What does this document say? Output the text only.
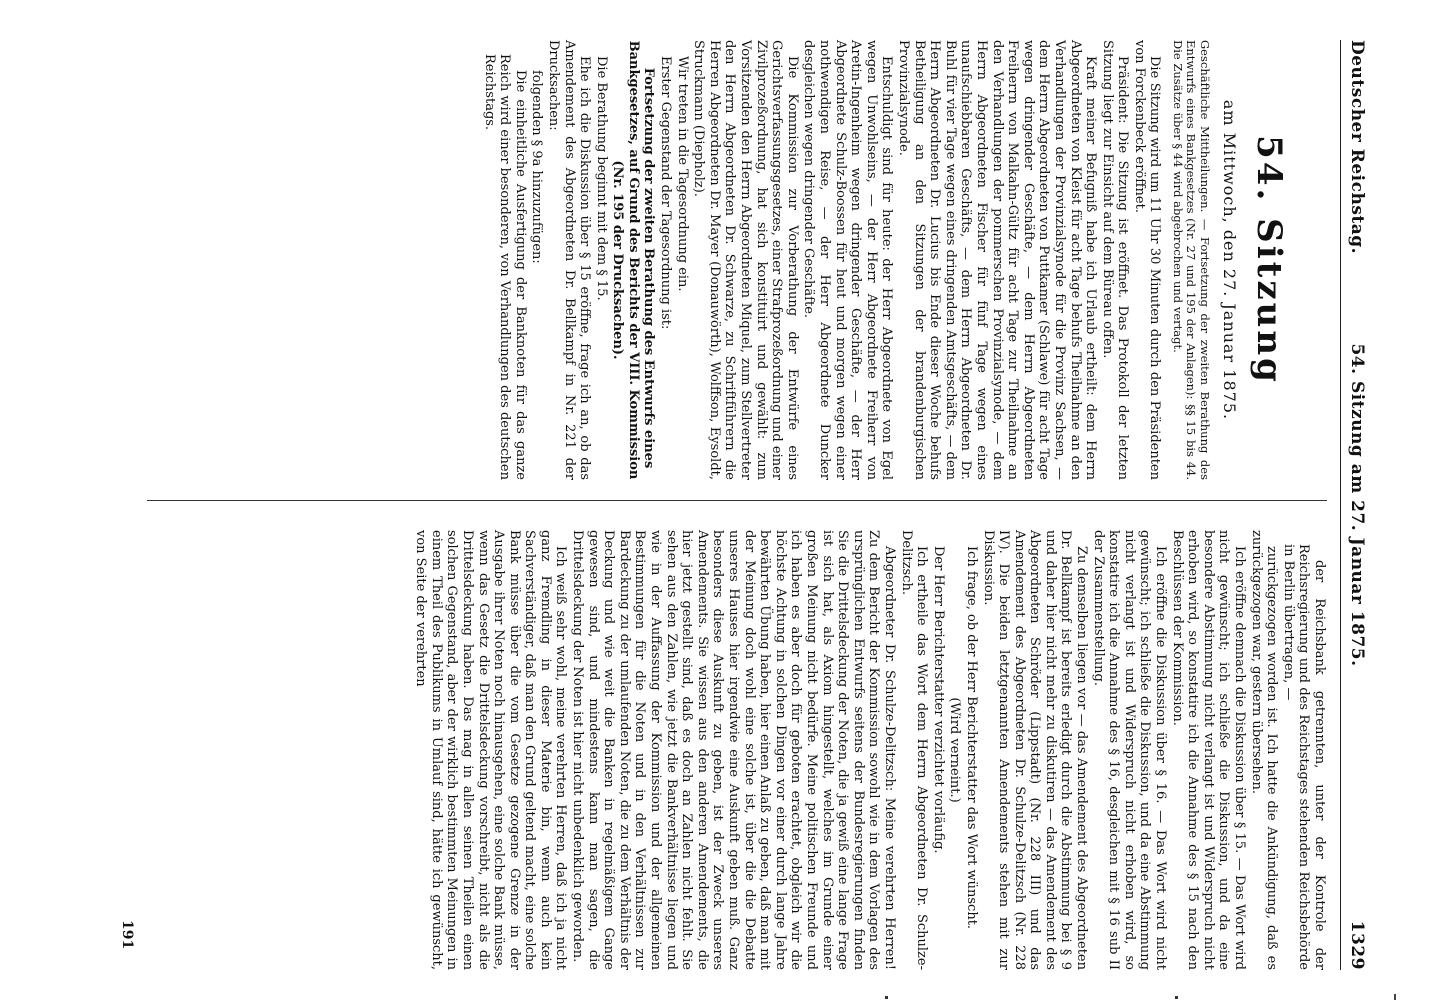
Deutscher Reichstag.
54. Sitzung am 27. Januar 1875.
1329
54. Sitzung
am Mittwoch, den 27. Januar 1875.

Geschäftliche Mittheilungen. — Fortsetzung der zweiten Berathung des Entwurfs eines Bankgesetzes (Nr. 27 und 195 der Anlagen): §§ 15 bis 44. Die Zusätze über § 44 wird abgebrochen und vertagt.

Die Sitzung wird um 11 Uhr 30 Minuten durch den Präsidenten von Forckenbeck eröffnet.

Präsident: Die Sitzung ist eröffnet. Das Protokoll der letzten Sitzung liegt zur Einsicht auf dem Büreau offen.

Kraft meiner Befugniß habe ich Urlaub ertheilt: dem Herrn Abgeordneten von Kleist für acht Tage behufs Theilnahme an den Verhandlungen der Provinzialsynode für die Provinz Sachsen, — dem Herrn Abgeordneten von Puttkamer (Schlawe) für acht Tage wegen dringender Geschäfte, — dem Herrn Abgeordneten Freiherrn von Malkahn-Gültz für acht Tage zur Theilnahme an den Verhandlungen der pommerschen Provinzialsynode, — dem Herrn Abgeordneten Fischer für fünf Tage wegen eines unaufschiebbaren Geschäfts, — dem Herrn Abgeordneten Dr. Buhl für vier Tage wegen eines dringenden Amtsgeschäfts, — dem Herrn Abgeordneten Dr. Lucius bis Ende dieser Woche behufs Betheiligung an den Sitzungen der brandenburgischen Provinzialsynode.

Entschuldigt sind für heute: der Herr Abgeordnete von Egel wegen Unwohlseins, — der Herr Abgeordnete Freiherr von Aretin-Ingenheim wegen dringender Geschäfte, — der Herr Abgeordnete Schulz-Boossen für heut und morgen wegen einer nothwendigen Reise, — der Herr Abgeordnete Duncker desgleichen wegen dringender Geschäfte.

Die Kommission zur Vorberathung der Entwürfe eines Gerichtsverfassungsgesetzes, einer Strafprozeßordnung und einer Zivilprozeßordnung, hat sich konstituirt und gewählt: zum Vorsitzenden den Herrn Abgeordneten Miquel, zum Stellvertreter den Herrn Abgeordneten Dr. Schwarze, zu Schriftführern die Herren Abgeordneten Dr. Mayer (Donauwörth), Wolffson, Eysoldt, Struckmann (Diepholz).

Wir treten in die Tagesordnung ein.

Erster Gegenstand der Tagesordnung ist:

Fortsetzung der zweiten Berathung des Entwurfs eines Bankgesetzes, auf Grund des Berichts der VIII. Kommission (Nr. 195 der Drucksachen).

Die Berathung beginnt mit dem § 15.

Ehe ich die Diskussion über § 15 eröffne, frage ich an, ob das Amendement des Abgeordneten Dr. Bellkampf in Nr. 221 der Drucksachen:

folgenden § 9a hinzuzufügen:

Die einheitliche Ausfertigung der Banknoten für das ganze Reich wird einer besonderen, von Verhandlungen des deutschen Reichstags.

der Reichsbank getrennten, unter der Kontrole der Reichsregierung und des Reichstages stehenden Reichsbehörde in Berlin übertragen, —

zurückgezogen worden ist. Ich hatte die Ankündigung, daß es zurückgezogen war, gestern übersehen.

Ich eröffne demnach die Diskussion über § 15. — Das Wort wird nicht gewünscht; ich schließe die Diskussion, und da eine besondere Abstimmung nicht verlangt ist und Widerspruch nicht erhoben wird, so konstatire ich die Annahme des § 15 nach den Beschlüssen der Kommission.

Ich eröffne die Diskussion über § 16. — Das Wort wird nicht gewünscht; ich schließe die Diskussion, und da eine Abstimmung nicht verlangt ist und Widerspruch nicht erhoben wird, so konstatire ich die Annahme des § 16, desgleichen mit § 16 sub II der Zusammenstellung.

Zu demselben liegen vor — das Amendement des Abgeordneten Dr. Bellkampf ist bereits erledigt durch die Abstimmung bei § 9 und daher hier nicht mehr zu diskutiren — das Amendement des Abgeordneten Schröder (Lippstadt) (Nr. 228 III) und das Amendement des Abgeordneten Dr. Schulze-Delitzsch (Nr. 228 IV). Die beiden letztgenannten Amendements stehen mit zur Diskussion.

Ich frage, ob der Herr Berichterstatter das Wort wünscht.

(Wird verneint.)

Der Herr Berichterstatter verzichtet vorläufig.

Ich ertheile das Wort dem Herrn Abgeordneten Dr. Schulze-Delitzsch.

Abgeordneter Dr. Schulze-Delitzsch: Meine verehrten Herren! Zu dem Bericht der Kommission sowohl wie in dem Vorlagen des ursprünglichen Entwurfs seitens der Bundesregierungen finden Sie die Drittelsdeckung der Noten, die ja gewiß eine lange Frage ist sich hat, als Axiom hingestellt, welches im Grunde einer großen Meinung nicht bedürfe. Meine politischen Freunde und ich haben es aber doch für geboten erachtet, obgleich wir die höchste Achtung in solchen Dingen vor einer durch lange Jahre bewährten Übung haben, hier einen Anlaß zu geben, daß man mit der Meinung doch wohl eine solche ist, über die die Debatte unseres Hauses hier irgendwie eine Auskunft geben muß. Ganz besonders diese Auskunft zu geben, ist der Zweck unseres Amendements. Sie wissen aus den anderen Amendements, die hier jetzt gestellt sind, daß es doch an Zahlen nicht fehlt. Sie sehen aus den Zahlen, wie jetzt die Bankverhältnisse liegen und wie in der Auffassung der Kommission und der allgemeinen Bestimmungen für die Noten und in den Verhältnissen zur Bardeckung zu der umlaufenden Noten, die zu dem Verhältnis der Deckung und wie weit die Banken in regelmäßigem Gange gewesen sind, und mindestens kann man sagen, die Drittelsdeckung der Noten ist hier nicht unbedenklich geworden.

Ich weiß sehr wohl, meine verehrten Herren, daß ich ja nicht ganz Fremdling in dieser Materie bin, wenn auch kein Sachverständiger, daß man den Grund geltend macht, eine solche Bank müsse über die vom Gesetze gezogene Grenze in der Ausgabe ihrer Noten noch hinausgehen, eine solche Bank müsse, wenn das Gesetz die Drittelsdeckung vorschreibt, nicht als die Drittelsdeckung haben. Das mag in allen seinen Theilen einen solchen Gegenstand, aber der wirklich bestimmten Meinungen in einem Theil des Publikums in Umlauf sind, hätte ich gewünscht, von Seite der verehrten

191
